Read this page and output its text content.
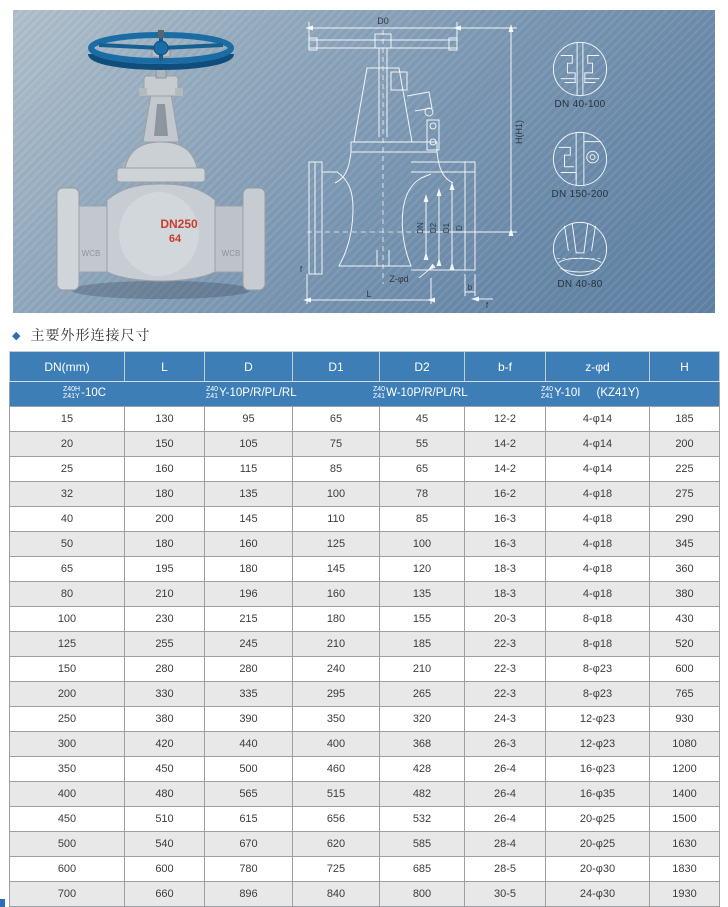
DN250
64
WCB	WCB
D0
H(H1)
DN D2 D1 D
Z-φd
b
f
f
L
DN 40-100
DN 150-200
DN 40-80
◆ 主要外形连接尺寸
DN(mm)	L	D	D1	D2	b-f	z-φd	H

Z40H
Z41Y -10C	Z40
Z41 Y-10P/R/PL/RL	Z40
Z41 W-10P/R/PL/RL	Z40
Z41 Y-10I (KZ41Y)

15	130	95	65	45	12-2	4-φ14	185
20	150	105	75	55	14-2	4-φ14	200
25	160	115	85	65	14-2	4-φ14	225
32	180	135	100	78	16-2	4-φ18	275
40	200	145	110	85	16-3	4-φ18	290
50	180	160	125	100	16-3	4-φ18	345
65	195	180	145	120	18-3	4-φ18	360
80	210	196	160	135	18-3	4-φ18	380
100	230	215	180	155	20-3	8-φ18	430
125	255	245	210	185	22-3	8-φ18	520
150	280	280	240	210	22-3	8-φ23	600
200	330	335	295	265	22-3	8-φ23	765
250	380	390	350	320	24-3	12-φ23	930
300	420	440	400	368	26-3	12-φ23	1080
350	450	500	460	428	26-4	16-φ23	1200
400	480	565	515	482	26-4	16-φ35	1400
450	510	615	656	532	26-4	20-φ25	1500
500	540	670	620	585	28-4	20-φ25	1630
600	600	780	725	685	28-5	20-φ30	1830
700	660	896	840	800	30-5	24-φ30	1930
